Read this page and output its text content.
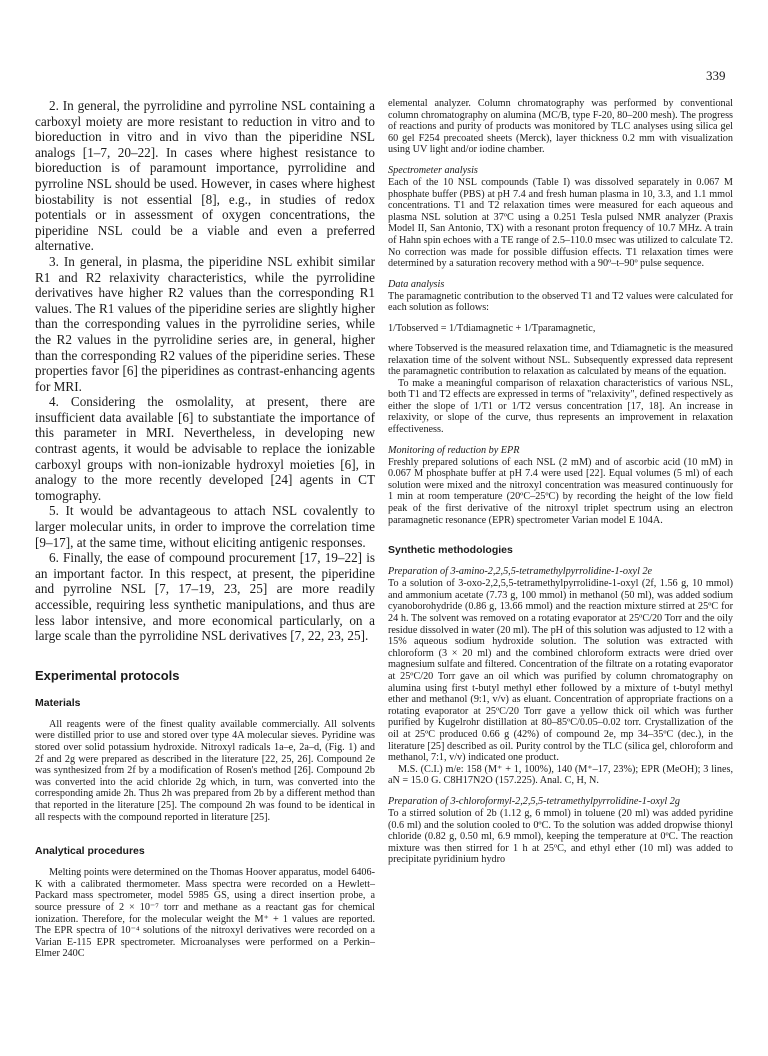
339

2. In general, the pyrrolidine and pyrroline NSL containing a carboxyl moiety are more resistant to reduction in vitro and to bioreduction in vitro and in vivo than the piperidine NSL analogs [1–7, 20–22]. In cases where highest resistance to bioreduction is of paramount importance, pyrrolidine and pyrroline NSL should be used. However, in cases where highest biostability is not essential [8], e.g., in studies of redox potentials or in assessment of oxygen concentrations, the piperidine NSL could be a viable and even a preferred alternative.

3. In general, in plasma, the piperidine NSL exhibit similar R1 and R2 relaxivity characteristics, while the pyrrolidine derivatives have higher R2 values than the corresponding R1 values. The R1 values of the piperidine series are slightly higher than the corresponding values in the pyrrolidine series, while the R2 values in the pyrrolidine series are, in general, higher than the corresponding R2 values of the piperidine series. These properties favor [6] the piperidines as contrast-enhancing agents for MRI.

4. Considering the osmolality, at present, there are insufficient data available [6] to substantiate the importance of this parameter in MRI. Nevertheless, in developing new contrast agents, it would be advisable to replace the ionizable carboxyl groups with non-ionizable hydroxyl moieties [6], in analogy to the more recently developed [24] agents in CT tomography.

5. It would be advantageous to attach NSL covalently to larger molecular units, in order to improve the correlation time [9–17], at the same time, without eliciting antigenic responses.

6. Finally, the ease of compound procurement [17, 19–22] is an important factor. In this respect, at present, the piperidine and pyrroline NSL [7, 17–19, 23, 25] are more readily accessible, requiring less synthetic manipulations, and thus are less labor intensive, and more economical particularly, on a large scale than the pyrrolidine NSL derivatives [7, 22, 23, 25].

Experimental protocols
Materials

All reagents were of the finest quality available commercially. All solvents were distilled prior to use and stored over type 4A molecular sieves. Pyridine was stored over solid potassium hydroxide. Nitroxyl radicals 1a–e, 2a–d, (Fig. 1) and 2f and 2g were prepared as described in the literature [22, 25, 26]. Compound 2e was synthesized from 2f by a modification of Rosen's method [26]. Compound 2b was converted into the acid chloride 2g which, in turn, was converted into the corresponding amide 2h. Thus 2h was prepared from 2b by a different method than that reported in the literature [25]. The compound 2h was found to be identical in all respects with the compound reported in literature [25].

Analytical procedures

Melting points were determined on the Thomas Hoover apparatus, model 6406-K with a calibrated thermometer. Mass spectra were recorded on a Hewlett–Packard mass spectrometer, model 5985 GS, using a direct insertion probe, a source pressure of 2 × 10⁻⁷ torr and methane as a reactant gas for chemical ionization. Therefore, for the molecular weight the M⁺ + 1 values are reported. The EPR spectra of 10⁻⁴ solutions of the nitroxyl derivatives were recorded on a Varian E-115 EPR spectrometer. Microanalyses were performed on a Perkin–Elmer 240C

elemental analyzer. Column chromatography was performed by conventional column chromatography on alumina (MC/B, type F-20, 80–200 mesh). The progress of reactions and purity of products was monitored by TLC analyses using silica gel 60 gel F254 precoated sheets (Merck), layer thickness 0.2 mm with visualization using UV light and/or iodine chamber.

Spectrometer analysis

Each of the 10 NSL compounds (Table I) was dissolved separately in 0.067 M phosphate buffer (PBS) at pH 7.4 and fresh human plasma in 10, 3.3, and 1.1 mmol concentrations. T1 and T2 relaxation times were measured for each aqueous and plasma NSL solution at 37ºC using a 0.251 Tesla pulsed NMR analyzer (Praxis Model II, San Antonio, TX) with a resonant proton frequency of 10.7 MHz. A train of Hahn spin echoes with a TE range of 2.5–110.0 msec was utilized to calculate T2. No correction was made for possible diffusion effects. T1 relaxation times were determined by a saturation recovery method with a 90º–t–90º pulse sequence.

Data analysis

The paramagnetic contribution to the observed T1 and T2 values were calculated for each solution as follows:

1/Tobserved = 1/Tdiamagnetic + 1/Tparamagnetic,

where Tobserved is the measured relaxation time, and Tdiamagnetic is the measured relaxation time of the solvent without NSL. Subsequently expressed data represent the paramagnetic contribution to relaxation as calculated by means of the equation.

To make a meaningful comparison of relaxation characteristics of various NSL, both T1 and T2 effects are expressed in terms of "relaxivity", defined respectively as either the slope of 1/T1 or 1/T2 versus concentration [17, 18]. An increase in relaxivity, or slope of the curve, thus represents an improvement in relaxation effectiveness.

Monitoring of reduction by EPR

Freshly prepared solutions of each NSL (2 mM) and of ascorbic acid (10 mM) in 0.067 M phosphate buffer at pH 7.4 were used [22]. Equal volumes (5 ml) of each solution were mixed and the nitroxyl concentration was measured continuously for 1 min at room temperature (20ºC–25ºC) by recording the height of the low field peak of the first derivative of the nitroxyl triplet spectrum using an electron paramagnetic resonance (EPR) spectrometer Varian model E 104A.

Synthetic methodologies
Preparation of 3-amino-2,2,5,5-tetramethylpyrrolidine-1-oxyl 2e

To a solution of 3-oxo-2,2,5,5-tetramethylpyrrolidine-1-oxyl (2f, 1.56 g, 10 mmol) and ammonium acetate (7.73 g, 100 mmol) in methanol (50 ml), was added sodium cyanoborohydride (0.86 g, 13.66 mmol) and the reaction mixture stirred at 25ºC for 24 h. The solvent was removed on a rotating evaporator at 25ºC/20 Torr and the oily residue dissolved in water (20 ml). The pH of this solution was adjusted to 12 with a 15% aqueous sodium hydroxide solution. The solution was extracted with chloroform (3 × 20 ml) and the combined chloroform extracts were dried over magnesium sulfate and filtered. Concentration of the filtrate on a rotating evaporator at 25ºC/20 Torr gave an oil which was purified by column chromatography on alumina using first t-butyl methyl ether followed by a mixture of t-butyl methyl ether and methanol (9:1, v/v) as eluant. Concentration of appropriate fractions on a rotating evaporator at 25ºC/20 Torr gave a yellow thick oil which was further purified by Kugelrohr distillation at 80–85ºC/0.05–0.02 torr. Crystallization of the oil at 25ºC produced 0.66 g (42%) of compound 2e, mp 34–35ºC (dec.), in the literature [25] described as oil. Purity control by the TLC (silica gel, chloroform and methanol, 7:1, v/v) indicated one product.

M.S. (C.I.) m/e: 158 (M⁺ + 1, 100%), 140 (M⁺–17, 23%); EPR (MeOH); 3 lines, aN = 15.0 G. C8H17N2O (157.225). Anal. C, H, N.

Preparation of 3-chloroformyl-2,2,5,5-tetramethylpyrrolidine-1-oxyl 2g

To a stirred solution of 2b (1.12 g, 6 mmol) in toluene (20 ml) was added pyridine (0.6 ml) and the solution cooled to 0ºC. To the solution was added dropwise thionyl chloride (0.82 g, 0.50 ml, 6.9 mmol), keeping the temperature at 0ºC. The reaction mixture was then stirred for 1 h at 25ºC, and ethyl ether (10 ml) was added to precipitate pyridinium hydro
